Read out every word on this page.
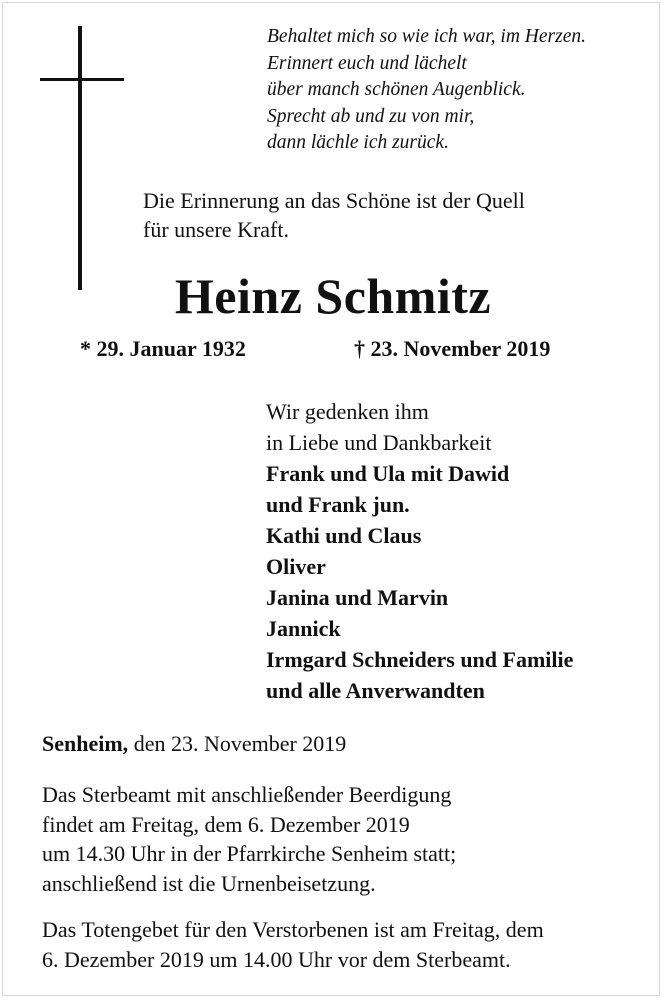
Behaltet mich so wie ich war, im Herzen.
Erinnert euch und lächelt
über manch schönen Augenblick.
Sprecht ab und zu von mir,
dann lächle ich zurück.
Die Erinnerung an das Schöne ist der Quell
für unsere Kraft.
Heinz Schmitz
* 29. Januar 1932	† 23. November 2019
Wir gedenken ihm
in Liebe und Dankbarkeit
Frank und Ula mit Dawid
und Frank jun.
Kathi und Claus
Oliver
Janina und Marvin
Jannick
Irmgard Schneiders und Familie
und alle Anverwandten
Senheim, den 23. November 2019
Das Sterbeamt mit anschließender Beerdigung
findet am Freitag, dem 6. Dezember 2019
um 14.30 Uhr in der Pfarrkirche Senheim statt;
anschließend ist die Urnenbeisetzung.
Das Totengebet für den Verstorbenen ist am Freitag, dem
6. Dezember 2019 um 14.00 Uhr vor dem Sterbeamt.
